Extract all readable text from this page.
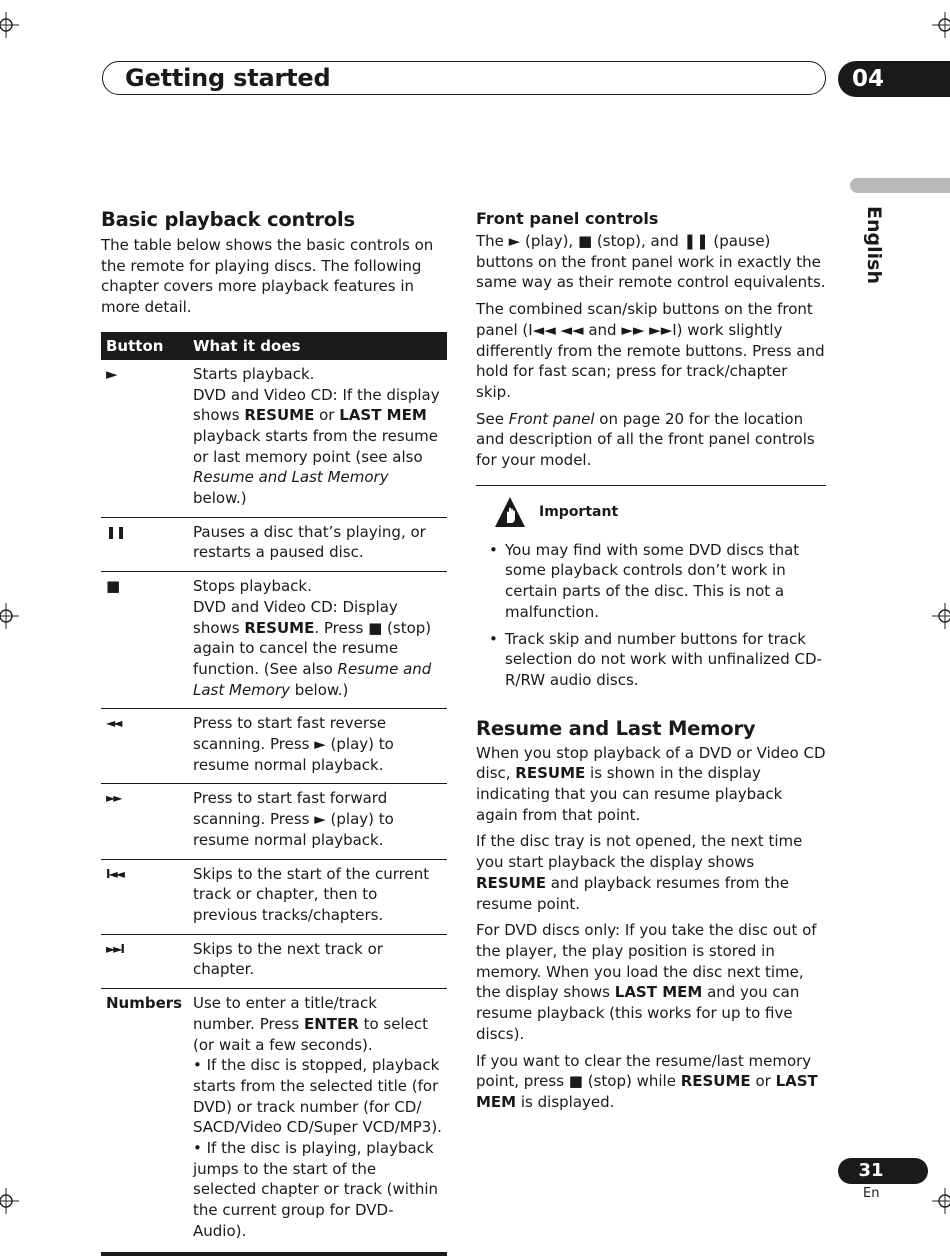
Getting started	04
English
Basic playback controls

The table below shows the basic controls on the remote for playing discs. The following chapter covers more playback features in more detail.

Button	What it does
►	Starts playback.
DVD and Video CD: If the display shows RESUME or LAST MEM playback starts from the resume or last memory point (see also Resume and Last Memory below.)
❚❚	Pauses a disc that’s playing, or restarts a paused disc.
■	Stops playback.
DVD and Video CD: Display shows RESUME. Press ■ (stop) again to cancel the resume function. (See also Resume and Last Memory below.)
◄◄	Press to start fast reverse scanning. Press ► (play) to resume normal playback.
►►	Press to start fast forward scanning. Press ► (play) to resume normal playback.
I◄◄	Skips to the start of the current track or chapter, then to previous tracks/chapters.
►►I	Skips to the next track or chapter.
Numbers	Use to enter a title/track number. Press ENTER to select (or wait a few seconds).
• If the disc is stopped, playback starts from the selected title (for DVD) or track number (for CD/ SACD/Video CD/Super VCD/MP3).
• If the disc is playing, playback jumps to the start of the selected chapter or track (within the current group for DVD-Audio).
Front panel controls

The ► (play), ■ (stop), and ❚❚ (pause) buttons on the front panel work in exactly the same way as their remote control equivalents.

The combined scan/skip buttons on the front panel (I◄◄ ◄◄ and ►► ►►I) work slightly differently from the remote buttons. Press and hold for fast scan; press for track/chapter skip.

See Front panel on page 20 for the location and description of all the front panel controls for your model.

Important
• You may find with some DVD discs that some playback controls don’t work in certain parts of the disc. This is not a malfunction.
• Track skip and number buttons for track selection do not work with unfinalized CD-R/RW audio discs.
Resume and Last Memory

When you stop playback of a DVD or Video CD disc, RESUME is shown in the display indicating that you can resume playback again from that point.

If the disc tray is not opened, the next time you start playback the display shows RESUME and playback resumes from the resume point.

For DVD discs only: If you take the disc out of the player, the play position is stored in memory. When you load the disc next time, the display shows LAST MEM and you can resume playback (this works for up to five discs).

If you want to clear the resume/last memory point, press ■ (stop) while RESUME or LAST MEM is displayed.

31
En
